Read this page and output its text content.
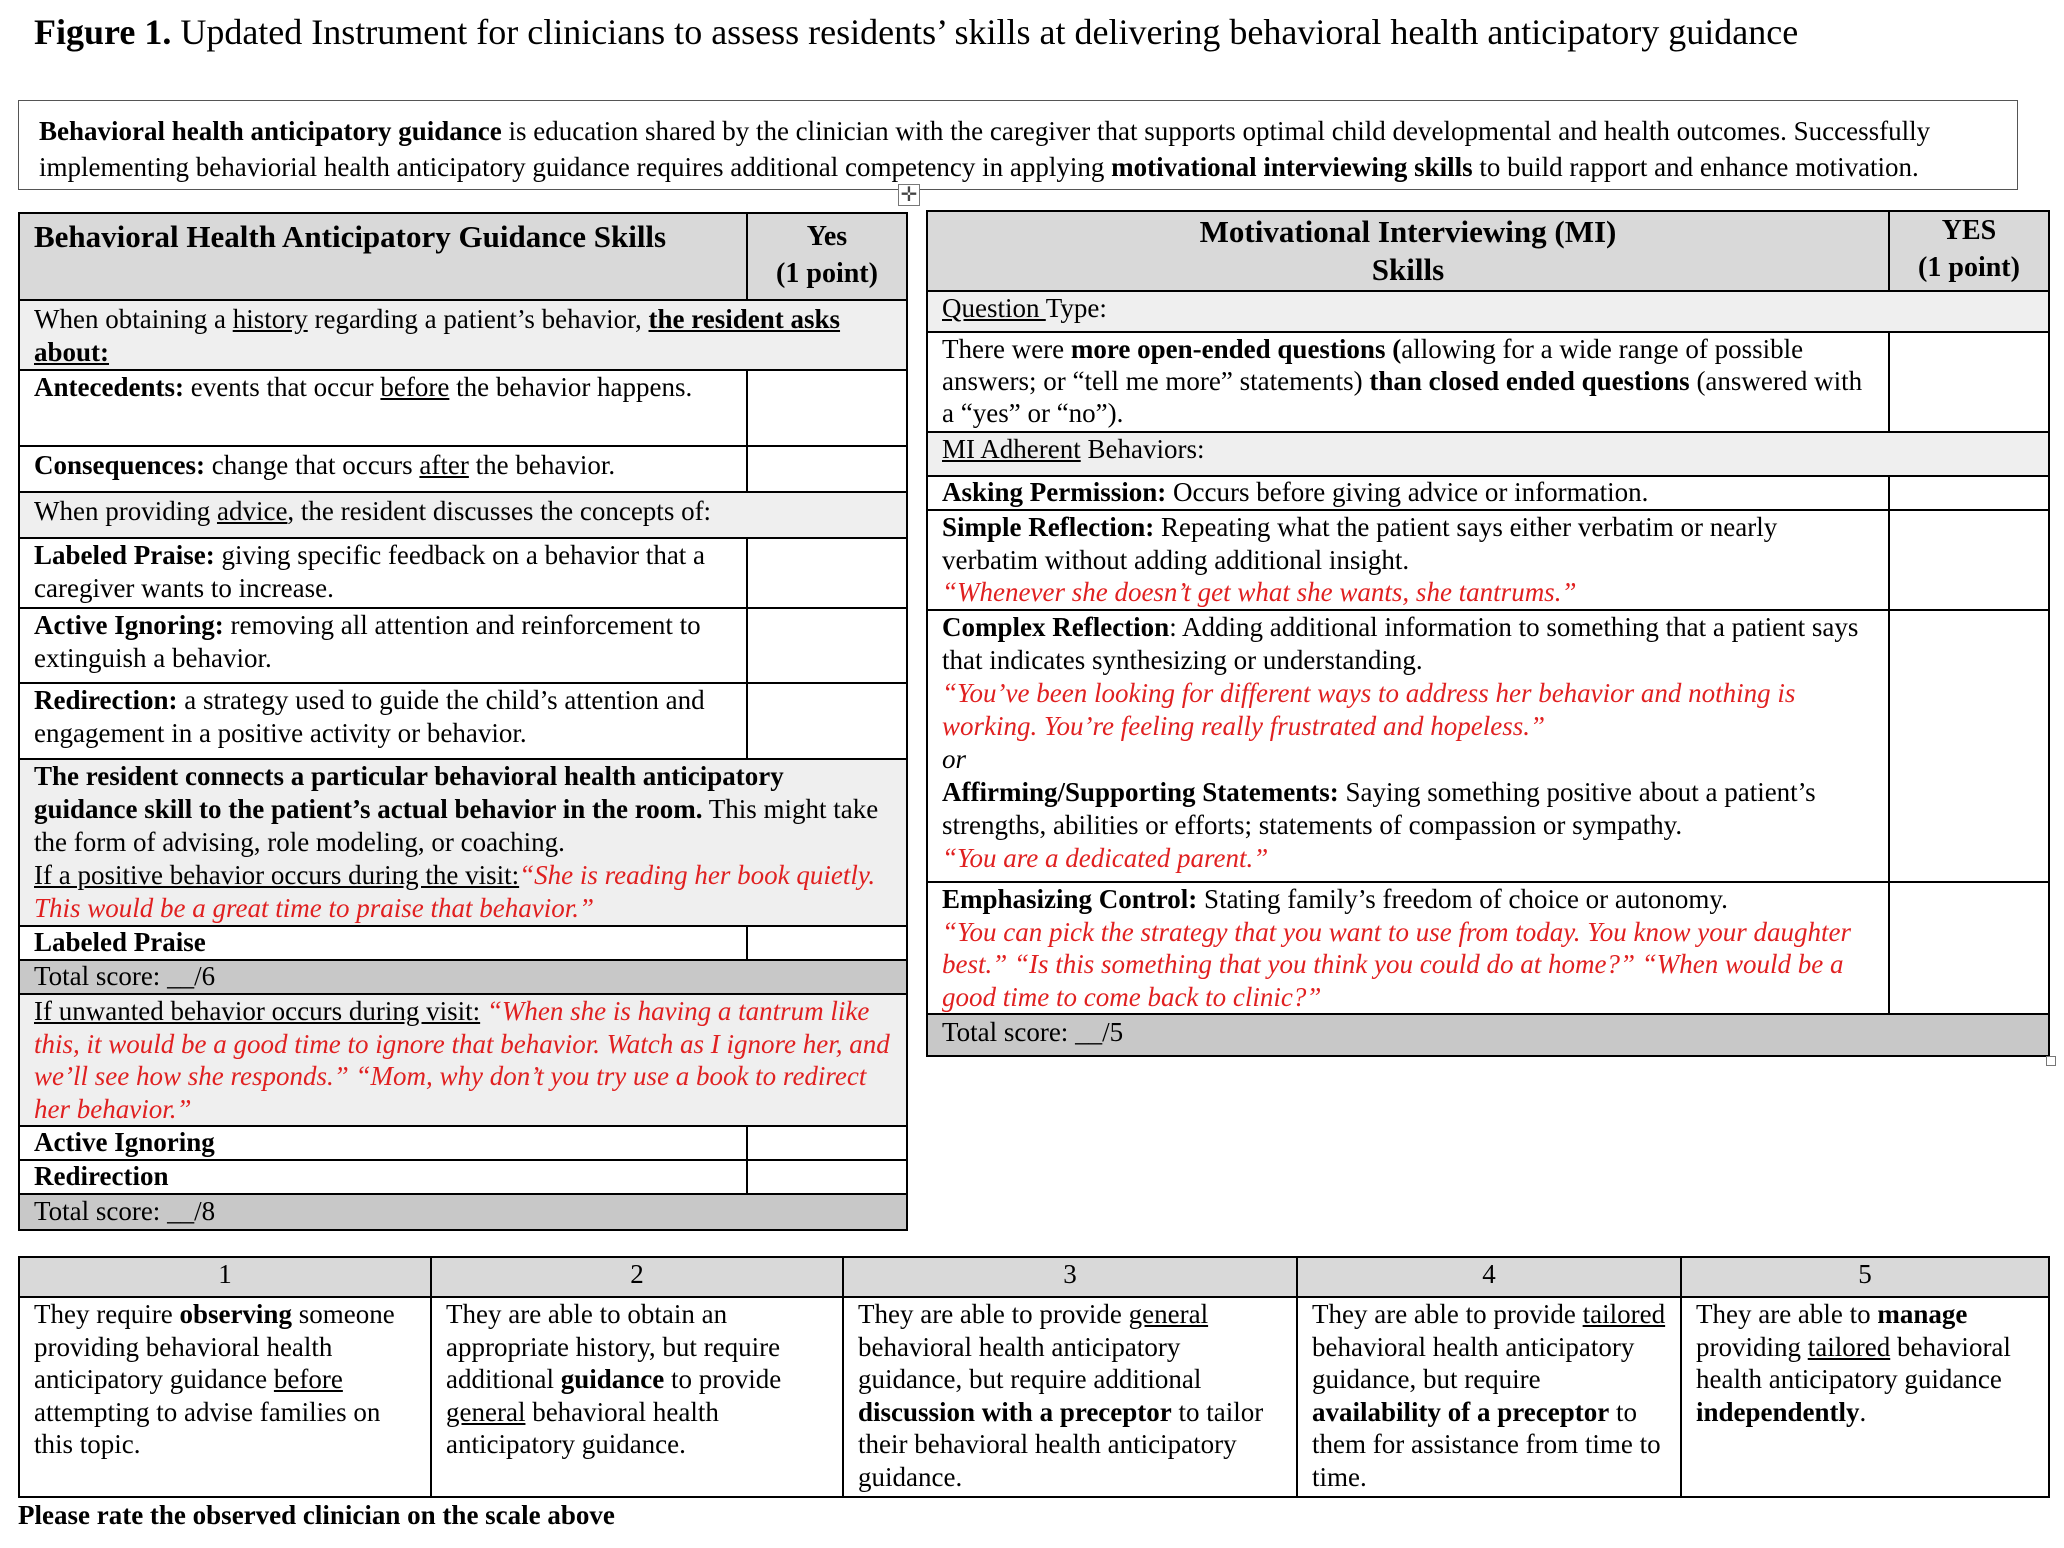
Figure 1. Updated Instrument for clinicians to assess residents’ skills at delivering behavioral health anticipatory guidance
Behavioral health anticipatory guidance is education shared by the clinician with the caregiver that supports optimal child developmental and health outcomes. Successfully implementing behaviorial health anticipatory guidance requires additional competency in applying motivational interviewing skills to build rapport and enhance motivation.
✛
Behavioral Health Anticipatory Guidance Skills	Yes
(1 point)
When obtaining a history regarding a patient’s behavior, the resident asks about:	
Antecedents: events that occur before the behavior happens.	
Consequences: change that occurs after the behavior.	
When providing advice, the resident discusses the concepts of:	
Labeled Praise: giving specific feedback on a behavior that a caregiver wants to increase.	
Active Ignoring: removing all attention and reinforcement to extinguish a behavior.	
Redirection: a strategy used to guide the child’s attention and engagement in a positive activity or behavior.	
The resident connects a particular behavioral health anticipatory guidance skill to the patient’s actual behavior in the room. This might take the form of advising, role modeling, or coaching.
If a positive behavior occurs during the visit:“She is reading her book quietly. This would be a great time to praise that behavior.”	
Labeled Praise	
Total score: __/6	
If unwanted behavior occurs during visit: “When she is having a tantrum like this, it would be a good time to ignore that behavior. Watch as I ignore her, and we’ll see how she responds.” “Mom, why don’t you try use a book to redirect her behavior.”	
Active Ignoring	
Redirection	
Total score: __/8	
Motivational Interviewing (MI)
Skills	YES
(1 point)
Question Type:	
There were more open-ended questions (allowing for a wide range of possible answers; or “tell me more” statements) than closed ended questions (answered with a “yes” or “no”).	
MI Adherent Behaviors:	
Asking Permission: Occurs before giving advice or information.	
Simple Reflection: Repeating what the patient says either verbatim or nearly verbatim without adding additional insight.
“Whenever she doesn’t get what she wants, she tantrums.”	
Complex Reflection: Adding additional information to something that a patient says that indicates synthesizing or understanding.
“You’ve been looking for different ways to address her behavior and nothing is working. You’re feeling really frustrated and hopeless.”
or
Affirming/Supporting Statements: Saying something positive about a patient’s strengths, abilities or efforts; statements of compassion or sympathy.
“You are a dedicated parent.”	
Emphasizing Control: Stating family’s freedom of choice or autonomy.
“You can pick the strategy that you want to use from today. You know your daughter best.” “Is this something that you think you could do at home?” “When would be a good time to come back to clinic?”	
Total score: __/5	
1	2	3	4	5
They require observing someone providing behavioral health anticipatory guidance before attempting to advise families on this topic.	They are able to obtain an appropriate history, but require additional guidance to provide general behavioral health anticipatory guidance.	They are able to provide general behavioral health anticipatory guidance, but require additional discussion with a preceptor to tailor their behavioral health anticipatory guidance.	They are able to provide tailored behavioral health anticipatory guidance, but require availability of a preceptor to them for assistance from time to time.	They are able to manage providing tailored behavioral health anticipatory guidance independently.
Please rate the observed clinician on the scale above
